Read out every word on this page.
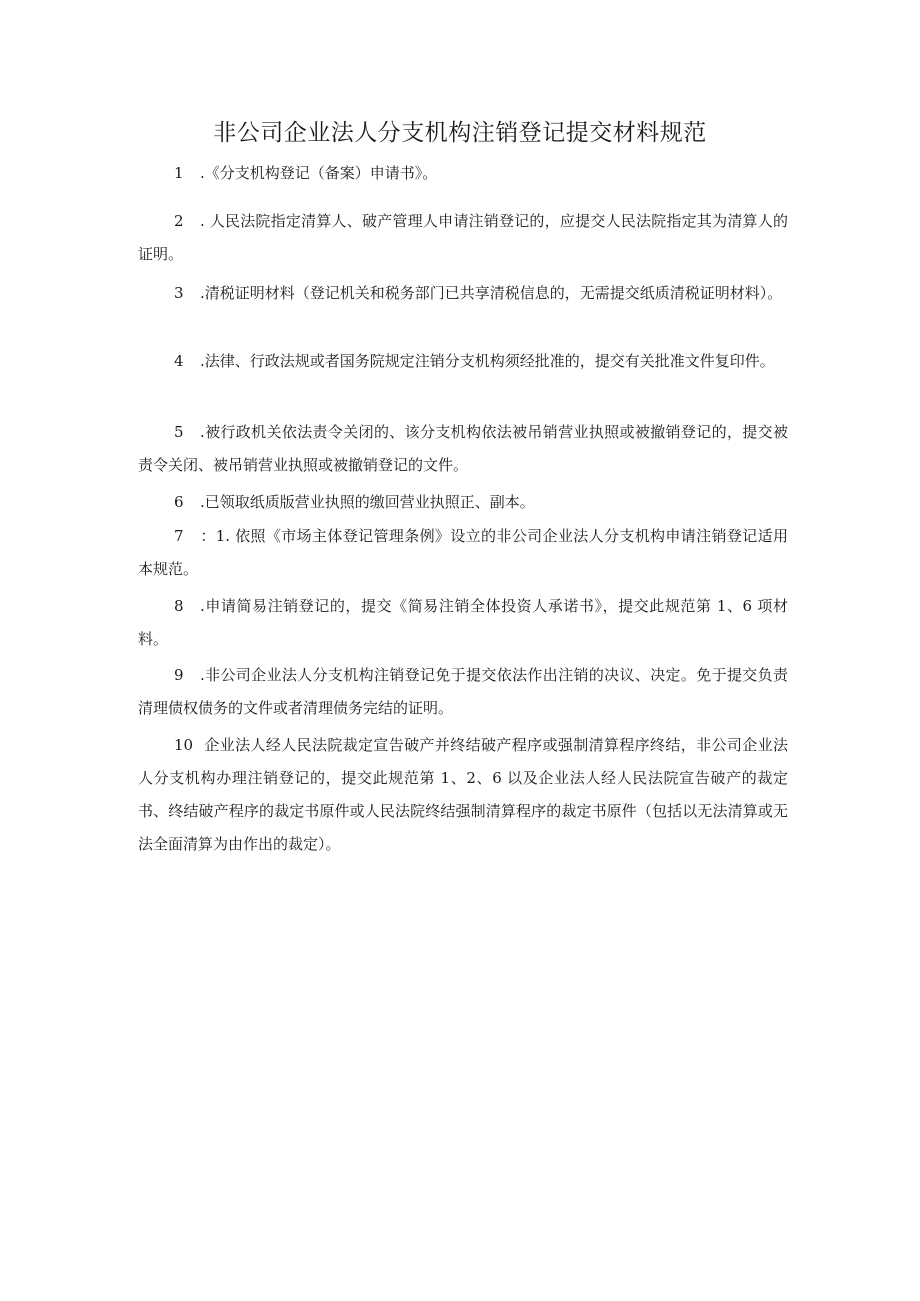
非公司企业法人分支机构注销登记提交材料规范

1 .《分支机构登记（备案）申请书》。

2 . 人民法院指定清算人、破产管理人申请注销登记的，应提交人民法院指定其为清算人的证明。

3 .清税证明材料（登记机关和税务部门已共享清税信息的，无需提交纸质清税证明材料）。

4 .法律、行政法规或者国务院规定注销分支机构须经批准的，提交有关批准文件复印件。

5 .被行政机关依法责令关闭的、该分支机构依法被吊销营业执照或被撤销登记的，提交被责令关闭、被吊销营业执照或被撤销登记的文件。

6 .已领取纸质版营业执照的缴回营业执照正、副本。

7 ：1. 依照《市场主体登记管理条例》设立的非公司企业法人分支机构申请注销登记适用本规范。

8 .申请简易注销登记的，提交《简易注销全体投资人承诺书》，提交此规范第 1、6 项材料。

9 .非公司企业法人分支机构注销登记免于提交依法作出注销的决议、决定。免于提交负责清理债权债务的文件或者清理债务完结的证明。

10 企业法人经人民法院裁定宣告破产并终结破产程序或强制清算程序终结，非公司企业法人分支机构办理注销登记的，提交此规范第 1、2、6 以及企业法人经人民法院宣告破产的裁定书、终结破产程序的裁定书原件或人民法院终结强制清算程序的裁定书原件（包括以无法清算或无法全面清算为由作出的裁定）。
